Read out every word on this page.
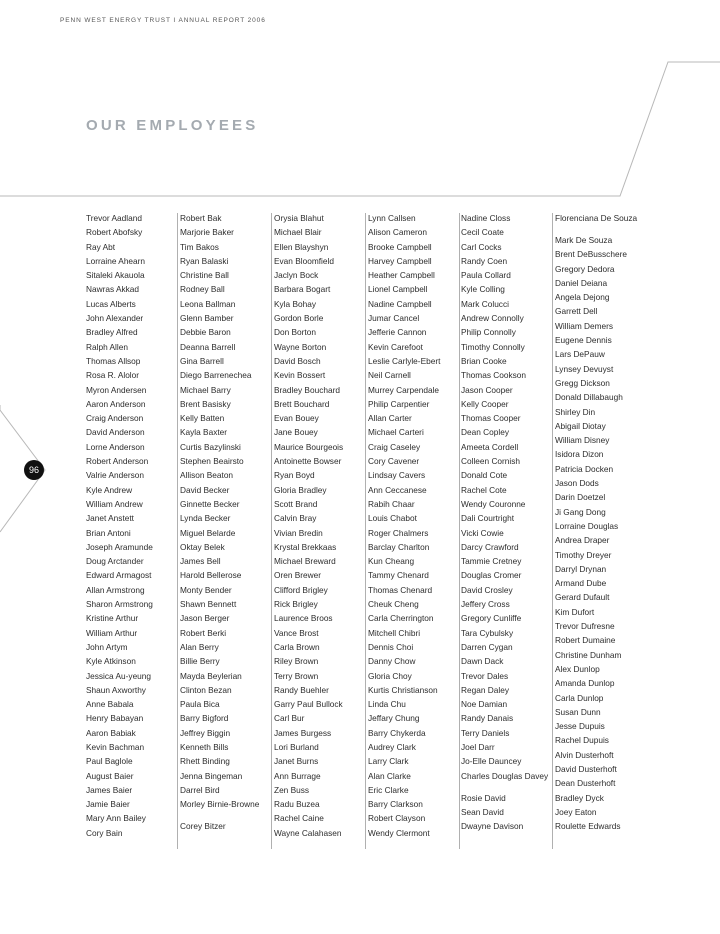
PENN WEST ENERGY TRUST I ANNUAL REPORT 2006
OUR EMPLOYEES
96
Trevor Aadland
Robert Abofsky
Ray Abt
Lorraine Ahearn
Sitaleki Akauola
Nawras Akkad
Lucas Alberts
John Alexander
Bradley Alfred
Ralph Allen
Thomas Allsop
Rosa R. Alolor
Myron Andersen
Aaron Anderson
Craig Anderson
David Anderson
Lorne Anderson
Robert Anderson
Valrie Anderson
Kyle Andrew
William Andrew
Janet Anstett
Brian Antoni
Joseph Aramunde
Doug Arctander
Edward Armagost
Allan Armstrong
Sharon Armstrong
Kristine Arthur
William Arthur
John Artym
Kyle Atkinson
Jessica Au-yeung
Shaun Axworthy
Anne Babala
Henry Babayan
Aaron Babiak
Kevin Bachman
Paul Baglole
August Baier
James Baier
Jamie Baier
Mary Ann Bailey
Cory Bain
Robert Bak
Marjorie Baker
Tim Bakos
Ryan Balaski
Christine Ball
Rodney Ball
Leona Ballman
Glenn Bamber
Debbie Baron
Deanna Barrell
Gina Barrell
Diego Barrenechea
Michael Barry
Brent Basisky
Kelly Batten
Kayla Baxter
Curtis Bazylinski
Stephen Beairsto
Allison Beaton
David Becker
Ginnette Becker
Lynda Becker
Miguel Belarde
Oktay Belek
James Bell
Harold Bellerose
Monty Bender
Shawn Bennett
Jason Berger
Robert Berki
Alan Berry
Billie Berry
Mayda Beylerian
Clinton Bezan
Paula Bica
Barry Bigford
Jeffrey Biggin
Kenneth Bills
Rhett Binding
Jenna Bingeman
Darrel Bird
Morley Birnie-Browne
Corey Bitzer
Orysia Blahut
Michael Blair
Ellen Blayshyn
Evan Bloomfield
Jaclyn Bock
Barbara Bogart
Kyla Bohay
Gordon Borle
Don Borton
Wayne Borton
David Bosch
Kevin Bossert
Bradley Bouchard
Brett Bouchard
Evan Bouey
Jane Bouey
Maurice Bourgeois
Antoinette Bowser
Ryan Boyd
Gloria Bradley
Scott Brand
Calvin Bray
Vivian Bredin
Krystal Brekkaas
Michael Breward
Oren Brewer
Clifford Brigley
Rick Brigley
Laurence Broos
Vance Brost
Carla Brown
Riley Brown
Terry Brown
Randy Buehler
Garry Paul Bullock
Carl Bur
James Burgess
Lori Burland
Janet Burns
Ann Burrage
Zen Buss
Radu Buzea
Rachel Caine
Wayne Calahasen
Lynn Callsen
Alison Cameron
Brooke Campbell
Harvey Campbell
Heather Campbell
Lionel Campbell
Nadine Campbell
Jumar Cancel
Jefferie Cannon
Kevin Carefoot
Leslie Carlyle-Ebert
Neil Carnell
Murrey Carpendale
Philip Carpentier
Allan Carter
Michael Carteri
Craig Caseley
Cory Cavener
Lindsay Cavers
Ann Ceccanese
Rabih Chaar
Louis Chabot
Roger Chalmers
Barclay Charlton
Kun Cheang
Tammy Chenard
Thomas Chenard
Cheuk Cheng
Carla Cherrington
Mitchell Chibri
Dennis Choi
Danny Chow
Gloria Choy
Kurtis Christianson
Linda Chu
Jeffary Chung
Barry Chykerda
Audrey Clark
Larry Clark
Alan Clarke
Eric Clarke
Barry Clarkson
Robert Clayson
Wendy Clermont
Nadine Closs
Cecil Coate
Carl Cocks
Randy Coen
Paula Collard
Kyle Colling
Mark Colucci
Andrew Connolly
Philip Connolly
Timothy Connolly
Brian Cooke
Thomas Cookson
Jason Cooper
Kelly Cooper
Thomas Cooper
Dean Copley
Ameeta Cordell
Colleen Cornish
Donald Cote
Rachel Cote
Wendy Couronne
Dali Courtright
Vicki Cowie
Darcy Crawford
Tammie Cretney
Douglas Cromer
David Crosley
Jeffery Cross
Gregory Cunliffe
Tara Cybulsky
Darren Cygan
Dawn Dack
Trevor Dales
Regan Daley
Noe Damian
Randy Danais
Terry Daniels
Joel Darr
Jo-Elle Dauncey
Charles Douglas Davey
Rosie David
Sean David
Dwayne Davison
Florenciana De Souza
Mark De Souza
Brent DeBusschere
Gregory Dedora
Daniel Deiana
Angela Dejong
Garrett Dell
William Demers
Eugene Dennis
Lars DePauw
Lynsey Devuyst
Gregg Dickson
Donald Dillabaugh
Shirley Din
Abigail Diotay
William Disney
Isidora Dizon
Patricia Docken
Jason Dods
Darin Doetzel
Ji Gang Dong
Lorraine Douglas
Andrea Draper
Timothy Dreyer
Darryl Drynan
Armand Dube
Gerard Dufault
Kim Dufort
Trevor Dufresne
Robert Dumaine
Christine Dunham
Alex Dunlop
Amanda Dunlop
Carla Dunlop
Susan Dunn
Jesse Dupuis
Rachel Dupuis
Alvin Dusterhoft
David Dusterhoft
Dean Dusterhoft
Bradley Dyck
Joey Eaton
Roulette Edwards
